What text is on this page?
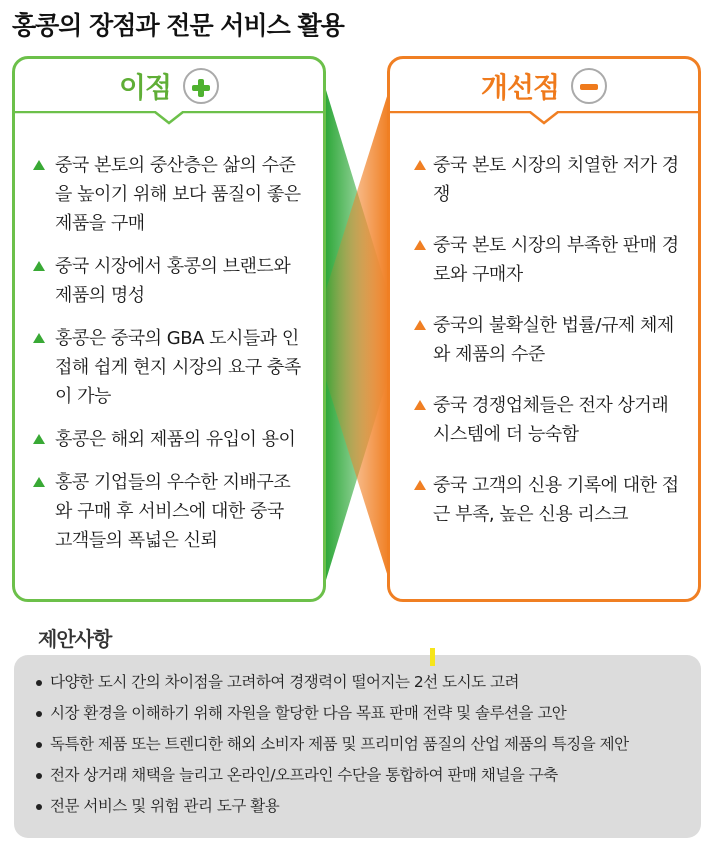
홍콩의 장점과 전문 서비스 활용
이점
중국 본토의 중산층은 삶의 수준을 높이기 위해 보다 품질이 좋은 제품을 구매
중국 시장에서 홍콩의 브랜드와 제품의 명성
홍콩은 중국의 GBA 도시들과 인접해 쉽게 현지 시장의 요구 충족이 가능
홍콩은 해외 제품의 유입이 용이
홍콩 기업들의 우수한 지배구조와 구매 후 서비스에 대한 중국 고객들의 폭넓은 신뢰
개선점
중국 본토 시장의 치열한 저가 경쟁
중국 본토 시장의 부족한 판매 경로와 구매자
중국의 불확실한 법률/규제 체제와 제품의 수준
중국 경쟁업체들은 전자 상거래 시스템에 더 능숙함
중국 고객의 신용 기록에 대한 접근 부족, 높은 신용 리스크
제안사항
다양한 도시 간의 차이점을 고려하여 경쟁력이 떨어지는 2선 도시도 고려
시장 환경을 이해하기 위해 자원을 할당한 다음 목표 판매 전략 및 솔루션을 고안
독특한 제품 또는 트렌디한 해외 소비자 제품 및 프리미엄 품질의 산업 제품의 특징을 제안
전자 상거래 채택을 늘리고 온라인/오프라인 수단을 통합하여 판매 채널을 구축
전문 서비스 및 위험 관리 도구 활용
